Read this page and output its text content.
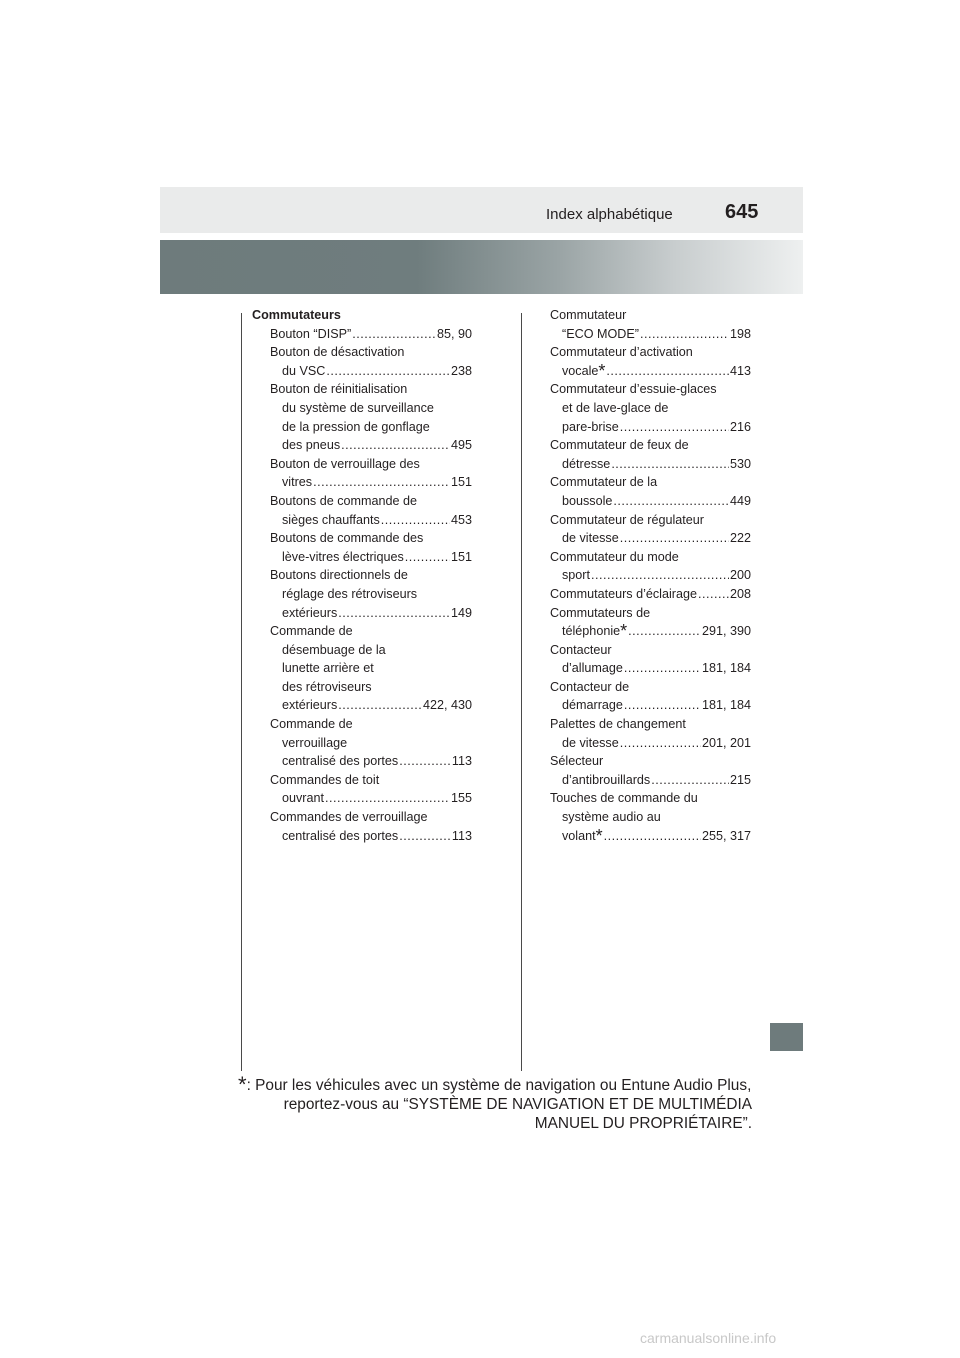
Index alphabétique	645
Commutateurs
Bouton “DISP” . . .	85, 90
Bouton de désactivation
du VSC . . .	238
Bouton de réinitialisation
du système de surveillance
de la pression de gonflage
des pneus . . .	495
Bouton de verrouillage des
vitres . . .	151
Boutons de commande de
sièges chauffants . . .	453
Boutons de commande des
lève-vitres électriques . . .	151
Boutons directionnels de
réglage des rétroviseurs
extérieurs . . .	149
Commande de
désembuage de la
lunette arrière et
des rétroviseurs
extérieurs . . .	422, 430
Commande de
verrouillage
centralisé des portes . . .	113
Commandes de toit
ouvrant . . .	155
Commandes de verrouillage
centralisé des portes . . .	113
Commutateur
“ECO MODE” . . .	198
Commutateur d’activation
vocale* . . .	413
Commutateur d’essuie-glaces
et de lave-glace de
pare-brise . . .	216
Commutateur de feux de
détresse . . .	530
Commutateur de la
boussole . . .	449
Commutateur de régulateur
de vitesse . . .	222
Commutateur du mode
sport . . .	200
Commutateurs d’éclairage . . .	208
Commutateurs de
téléphonie* . . .	291, 390
Contacteur
d’allumage . . .	181, 184
Contacteur de
démarrage . . .	181, 184
Palettes de changement
de vitesse . . .	201, 201
Sélecteur
d’antibrouillards . . .	215
Touches de commande du
système audio au
volant* . . .	255, 317
*: Pour les véhicules avec un système de navigation ou Entune Audio Plus,
reportez-vous au “SYSTÈME DE NAVIGATION ET DE MULTIMÉDIA
MANUEL DU PROPRIÉTAIRE”.
carmanualsonline.info
